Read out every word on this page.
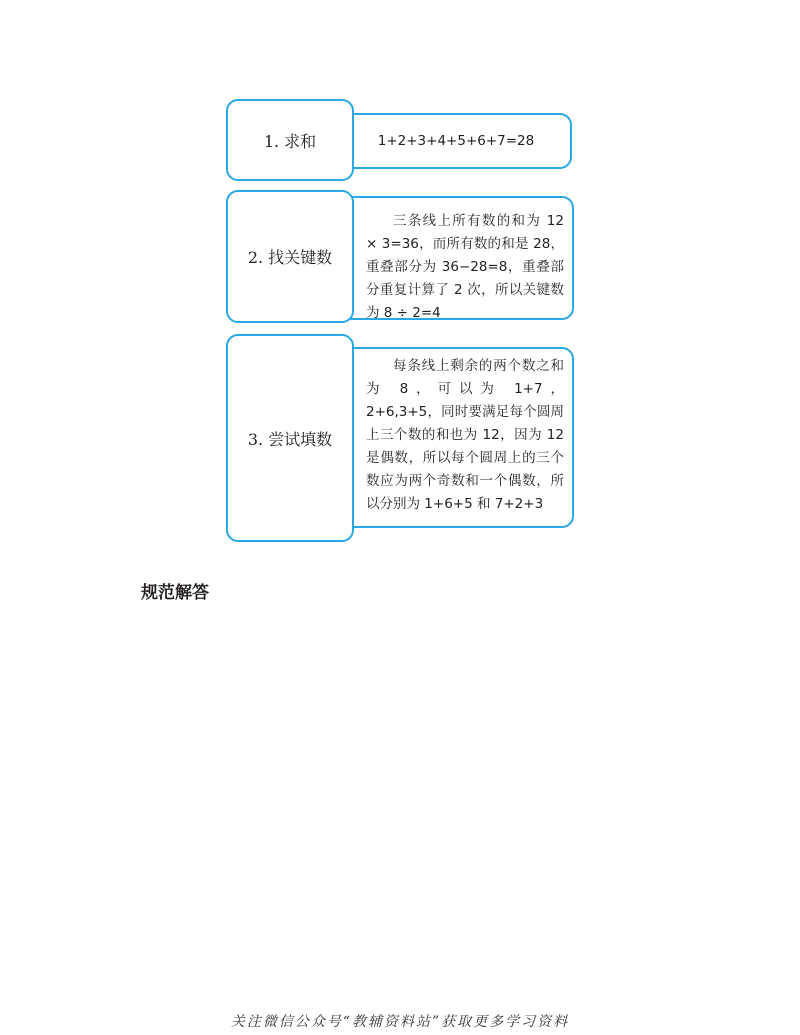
1+2+3+4+5+6+7=28
1. 求和
三条线上所有数的和为 12 × 3=36，而所有数的和是 28，重叠部分为 36−28=8，重叠部分重复计算了 2 次，所以关键数为 8 ÷ 2=4
2. 找关键数
每条线上剩余的两个数之和为 8，可以为 1+7，2+6,3+5，同时要满足每个圆周上三个数的和也为 12，因为 12 是偶数，所以每个圆周上的三个数应为两个奇数和一个偶数，所以分别为 1+6+5 和 7+2+3
3. 尝试填数
规范解答
关注微信公众号“教辅资料站”获取更多学习资料
